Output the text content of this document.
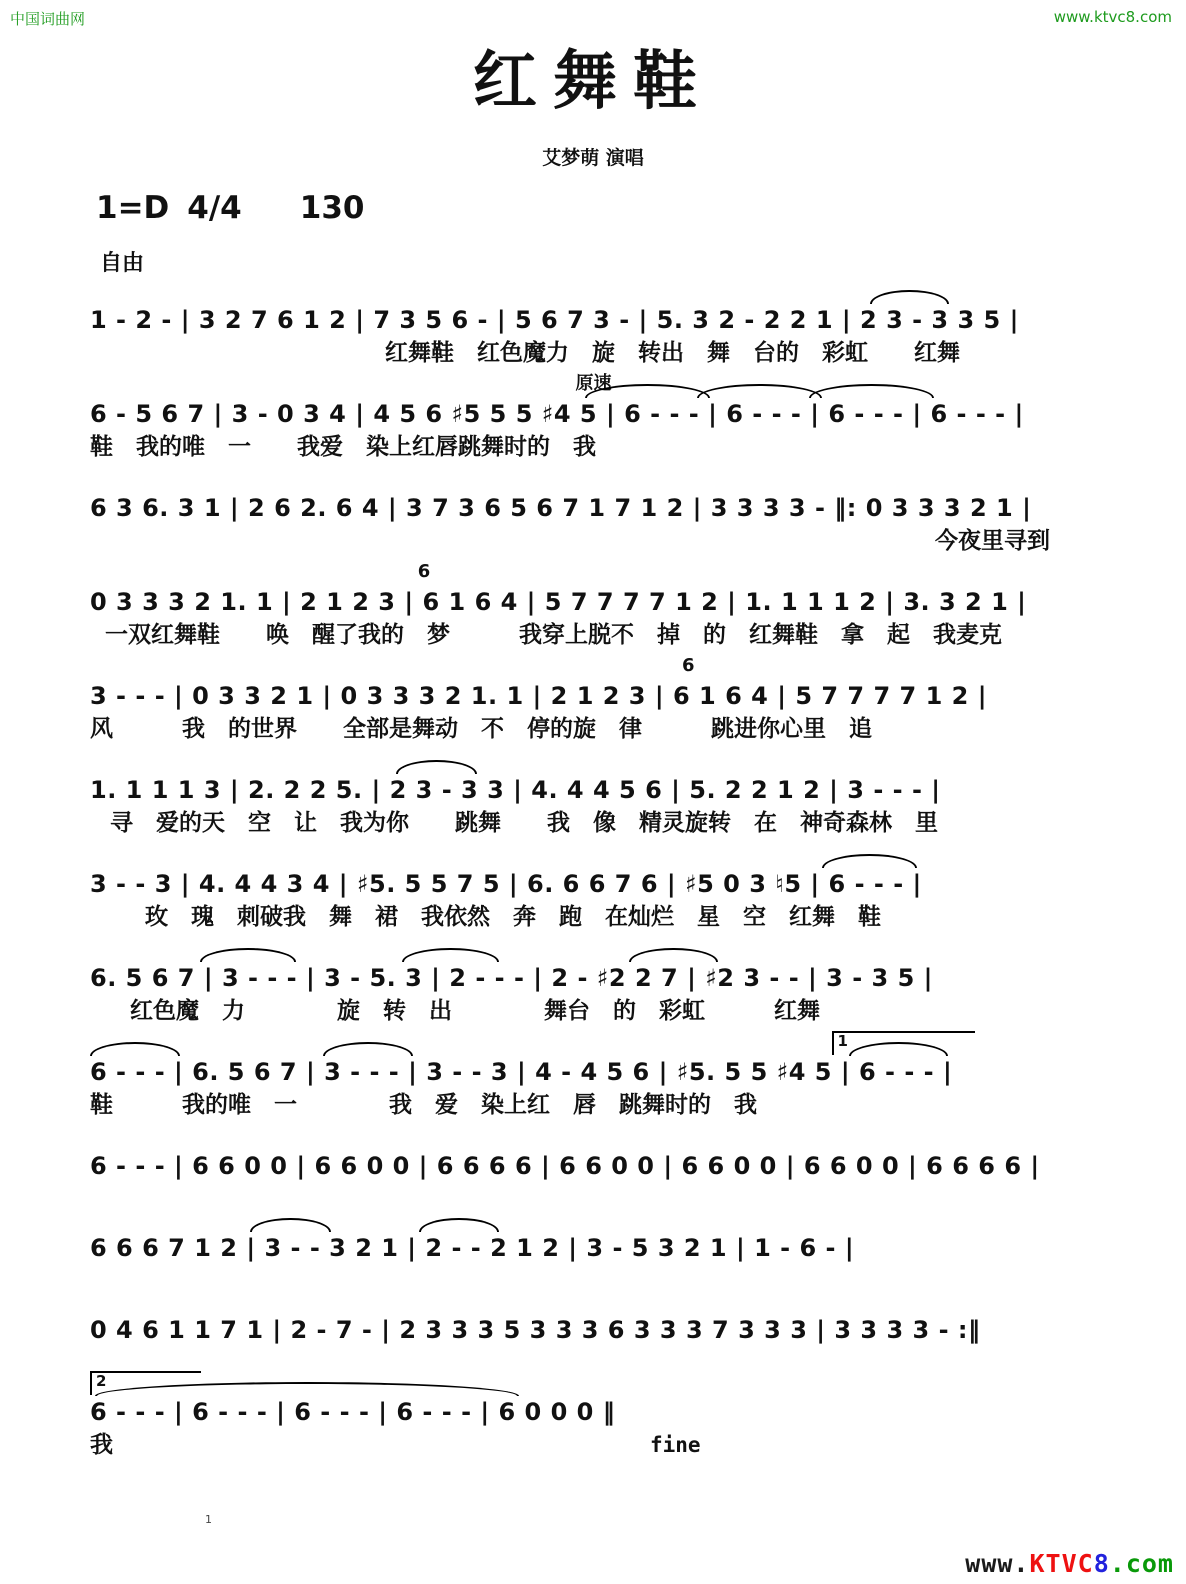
中国词曲网	www.ktvc8.com
红舞鞋
艾梦萌 演唱
1=D 4/4 130
自由
1 - 2 - | 3 2 7 6 1 2 | 7 3 5 6 - | 5 6 7 3 - | 5. 3 2 - 2 2 1 | 2 3 - 3 3 5 |
红舞鞋　红色魔力　旋　转出　舞　台的　彩虹　　红舞
原速
6 - 5 6 7 | 3 - 0 3 4 | 4 5 6 ♯5 5 5 ♯4 5 | 6 - - - | 6 - - - | 6 - - - | 6 - - - |
鞋　我的唯　一　　我爱　染上红唇跳舞时的　我
6 3 6. 3 1 | 2 6 2. 6 4 | 3 7 3 6 5 6 7 1 7 1 2 | 3 3 3 3 - ‖: 0 3 3 3 2 1 |
今夜里寻到
6
0 3 3 3 2 1. 1 | 2 1 2 3 | 6 1 6 4 | 5 7 7 7 7 1 2 | 1. 1 1 1 2 | 3. 3 2 1 |
一双红舞鞋　　唤　醒了我的　梦　　　我穿上脱不　掉　的　红舞鞋　拿　起　我麦克
6
3 - - - | 0 3 3 2 1 | 0 3 3 3 2 1. 1 | 2 1 2 3 | 6 1 6 4 | 5 7 7 7 7 1 2 |
风　　　我　的世界　　全部是舞动　不　停的旋　律　　　跳进你心里　追
1. 1 1 1 3 | 2. 2 2 5. | 2 3 - 3 3 | 4. 4 4 5 6 | 5. 2 2 1 2 | 3 - - - |
寻　爱的天　空　让　我为你　　跳舞　　我　像　精灵旋转　在　神奇森林　里
3 - - 3 | 4. 4 4 3 4 | ♯5. 5 5 7 5 | 6. 6 6 7 6 | ♯5 0 3 ♮5 | 6 - - - |
玫　瑰　刺破我　舞　裙　我依然　奔　跑　在灿烂　星　空　红舞　鞋
6. 5 6 7 | 3 - - - | 3 - 5. 3 | 2 - - - | 2 - ♯2 2 7 | ♯2 3 - - | 3 - 3 5 |
红色魔　力　　　　旋　转　出　　　　舞台　的　彩虹　　　红舞
1
6 - - - | 6. 5 6 7 | 3 - - - | 3 - - 3 | 4 - 4 5 6 | ♯5. 5 5 ♯4 5 | 6 - - - |
鞋　　　我的唯　一　　　　我　爱　染上红　唇　跳舞时的　我
6 - - - | 6 6 0 0 | 6 6 0 0 | 6 6 6 6 | 6 6 0 0 | 6 6 0 0 | 6 6 0 0 | 6 6 6 6 |
6 6 6 7 1 2 | 3 - - 3 2 1 | 2 - - 2 1 2 | 3 - 5 3 2 1 | 1 - 6 - |
0 4 6 1 1 7 1 | 2 - 7 - | 2 3 3 3 5 3 3 3 6 3 3 3 7 3 3 3 | 3 3 3 3 - :‖
2
6 - - - | 6 - - - | 6 - - - | 6 - - - | 6 0 0 0 ‖
我	fine
1
www.KTVC8.com
